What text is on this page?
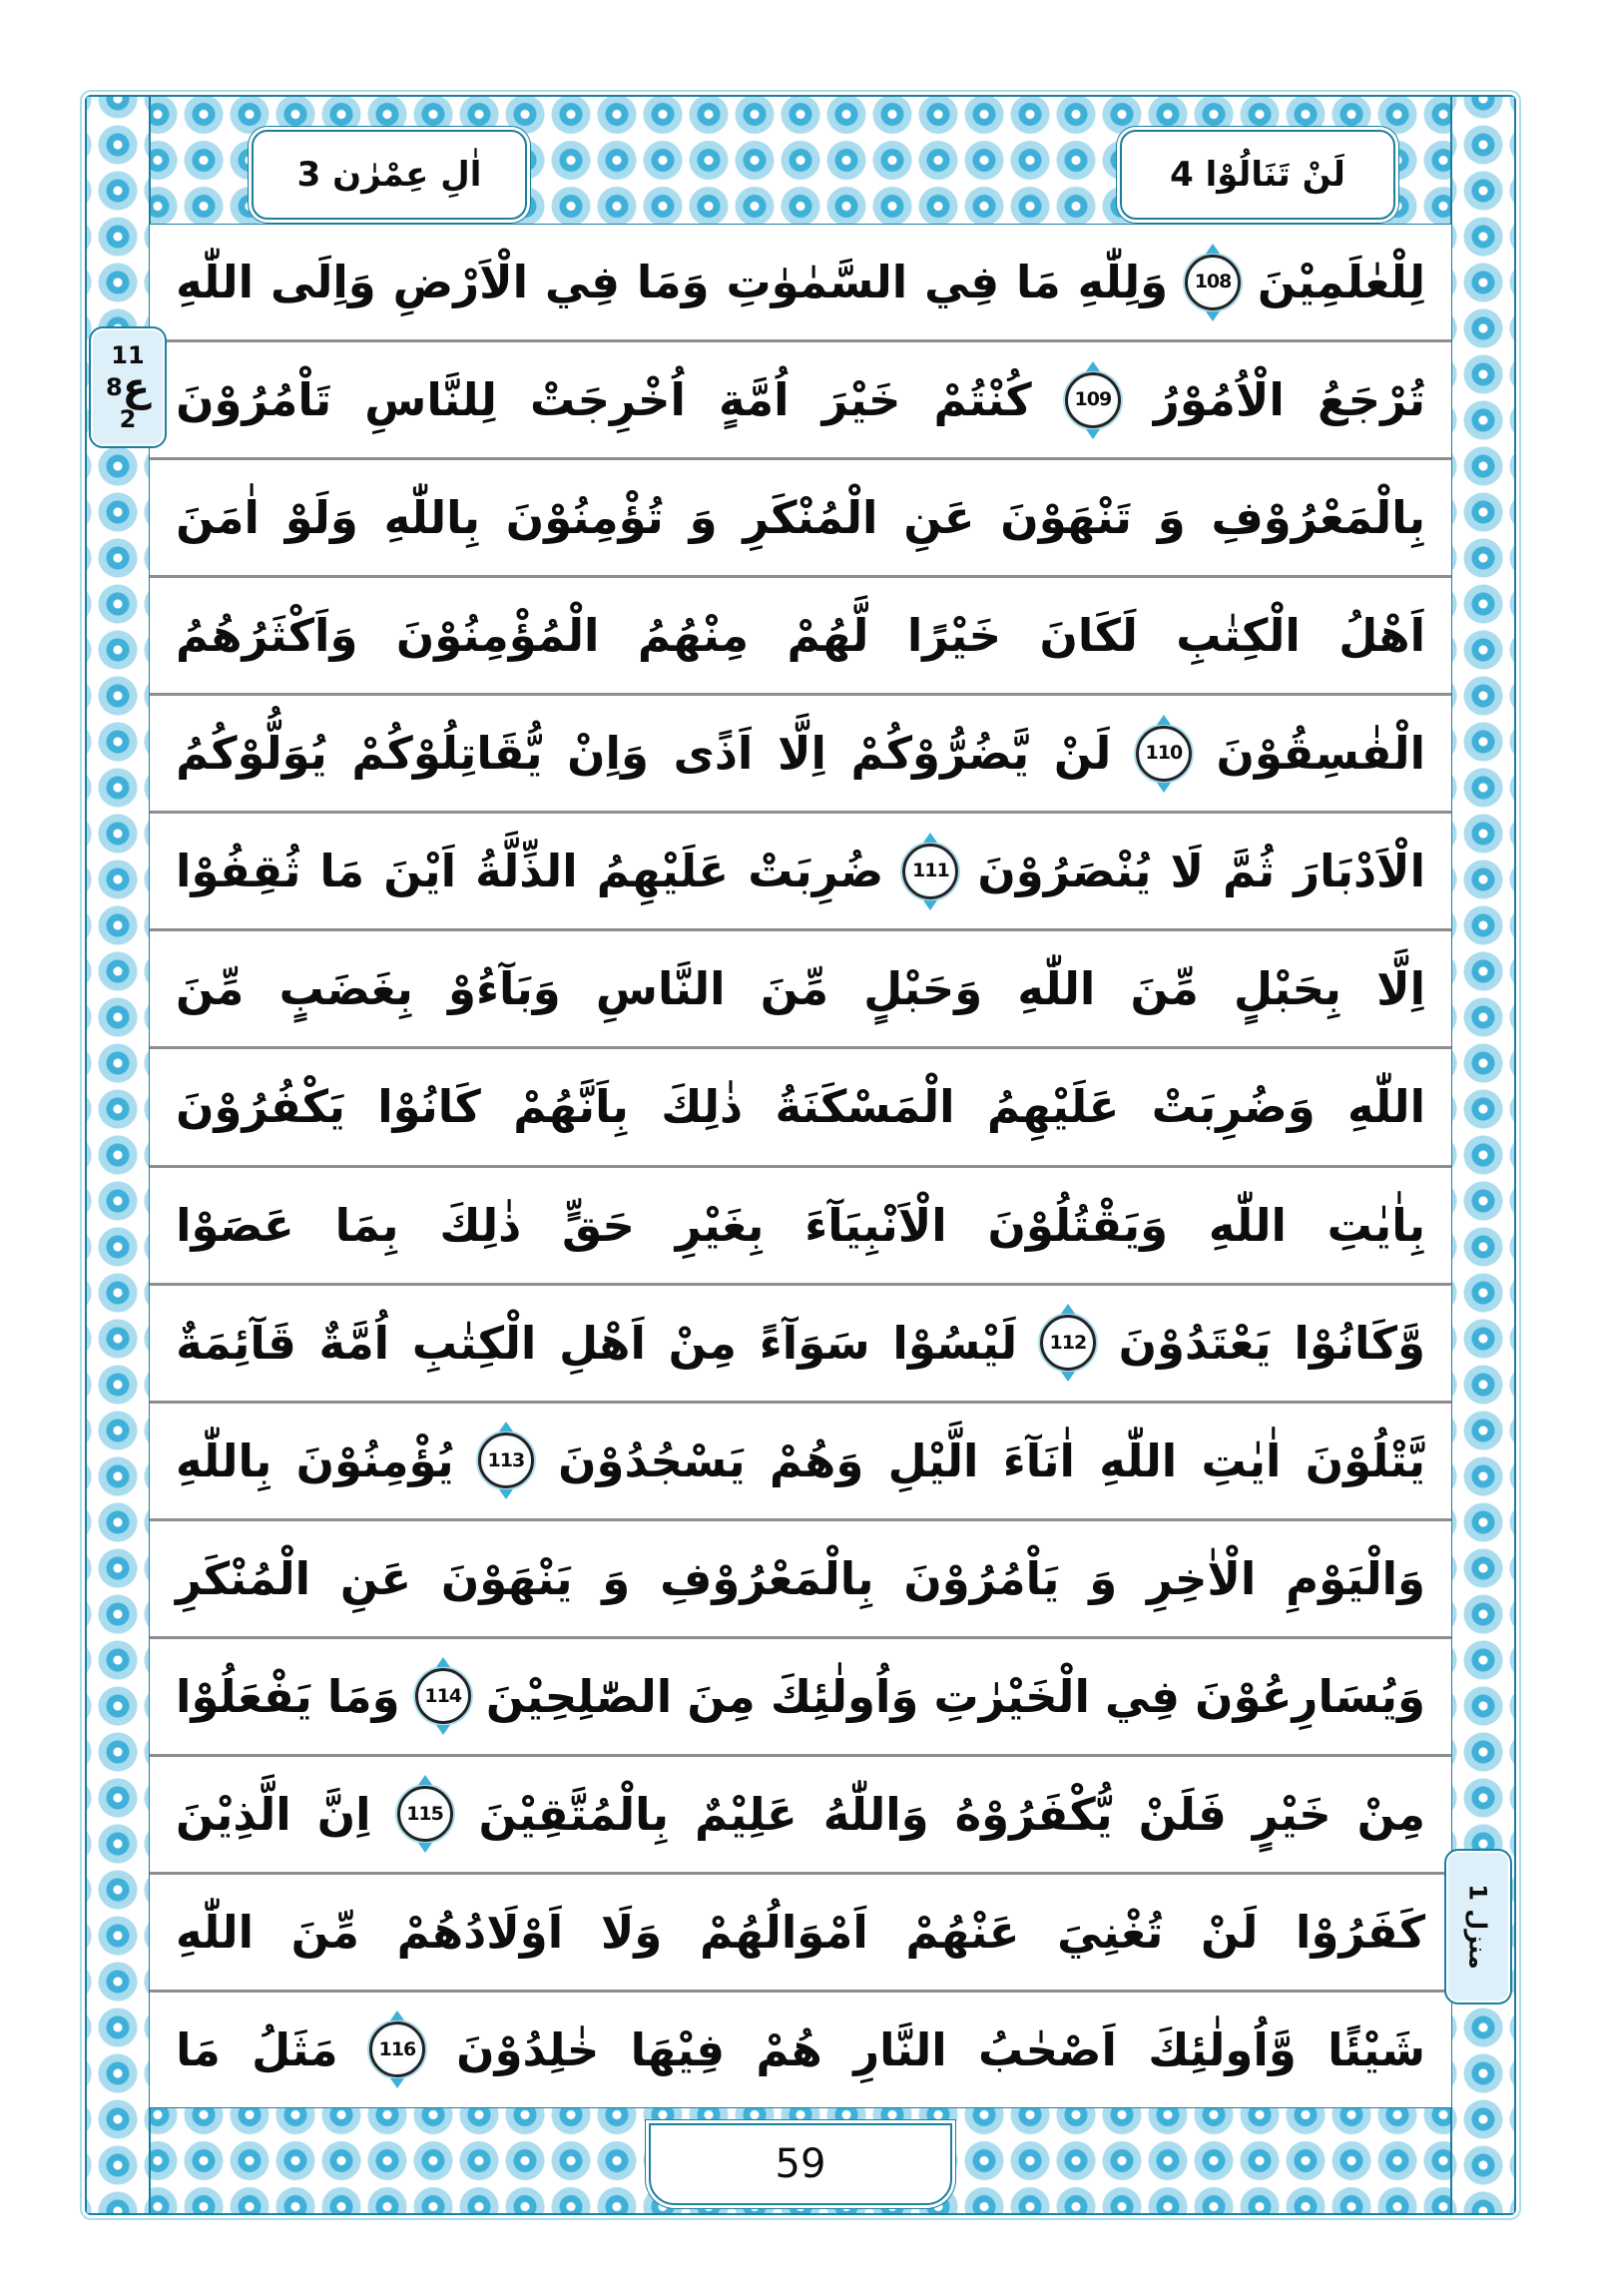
اٰلِ عِمْرٰن 3	لَنْ تَنَالُوْا 4
لِلْعٰلَمِيْنَ
108
وَلِلّٰهِ
مَا
فِي
السَّمٰوٰتِ
وَمَا
فِي
الْاَرْضِ
وَاِلَى
اللّٰهِ
تُرْجَعُ
الْاُمُوْرُ
109
كُنْتُمْ
خَيْرَ
اُمَّةٍ
اُخْرِجَتْ
لِلنَّاسِ
تَاْمُرُوْنَ
بِالْمَعْرُوْفِ
وَ
تَنْهَوْنَ
عَنِ
الْمُنْكَرِ
وَ
تُؤْمِنُوْنَ
بِاللّٰهِ
وَلَوْ
اٰمَنَ
اَهْلُ
الْكِتٰبِ
لَكَانَ
خَيْرًا
لَّهُمْ
مِنْهُمُ
الْمُؤْمِنُوْنَ
وَاَكْثَرُهُمُ
الْفٰسِقُوْنَ
110
لَنْ
يَّضُرُّوْكُمْ
اِلَّا
اَذًى
وَاِنْ
يُّقَاتِلُوْكُمْ
يُوَلُّوْكُمُ
الْاَدْبَارَ
ثُمَّ
لَا
يُنْصَرُوْنَ
111
ضُرِبَتْ
عَلَيْهِمُ
الذِّلَّةُ
اَيْنَ
مَا
ثُقِفُوْا
اِلَّا
بِحَبْلٍ
مِّنَ
اللّٰهِ
وَحَبْلٍ
مِّنَ
النَّاسِ
وَبَآءُوْ
بِغَضَبٍ
مِّنَ
اللّٰهِ
وَضُرِبَتْ
عَلَيْهِمُ
الْمَسْكَنَةُ
ذٰلِكَ
بِاَنَّهُمْ
كَانُوْا
يَكْفُرُوْنَ
بِاٰيٰتِ
اللّٰهِ
وَيَقْتُلُوْنَ
الْاَنْبِيَآءَ
بِغَيْرِ
حَقٍّ
ذٰلِكَ
بِمَا
عَصَوْا
وَّكَانُوْا
يَعْتَدُوْنَ
112
لَيْسُوْا
سَوَآءً
مِنْ
اَهْلِ
الْكِتٰبِ
اُمَّةٌ
قَآئِمَةٌ
يَّتْلُوْنَ
اٰيٰتِ
اللّٰهِ
اٰنَآءَ
الَّيْلِ
وَهُمْ
يَسْجُدُوْنَ
113
يُؤْمِنُوْنَ
بِاللّٰهِ
وَالْيَوْمِ
الْاٰخِرِ
وَ
يَاْمُرُوْنَ
بِالْمَعْرُوْفِ
وَ
يَنْهَوْنَ
عَنِ
الْمُنْكَرِ
وَيُسَارِعُوْنَ
فِي
الْخَيْرٰتِ
وَاُولٰئِكَ
مِنَ
الصّٰلِحِيْنَ
114
وَمَا
يَفْعَلُوْا
مِنْ
خَيْرٍ
فَلَنْ
يُّكْفَرُوْهُ
وَاللّٰهُ
عَلِيْمٌ
بِالْمُتَّقِيْنَ
115
اِنَّ
الَّذِيْنَ
كَفَرُوْا
لَنْ
تُغْنِيَ
عَنْهُمْ
اَمْوَالُهُمْ
وَلَا
اَوْلَادُهُمْ
مِّنَ
اللّٰهِ
شَيْئًا
وَّاُولٰئِكَ
اَصْحٰبُ
النَّارِ
هُمْ
فِيْهَا
خٰلِدُوْنَ
116
مَثَلُ
مَا
11
ع
8
2
منزل 1
59
